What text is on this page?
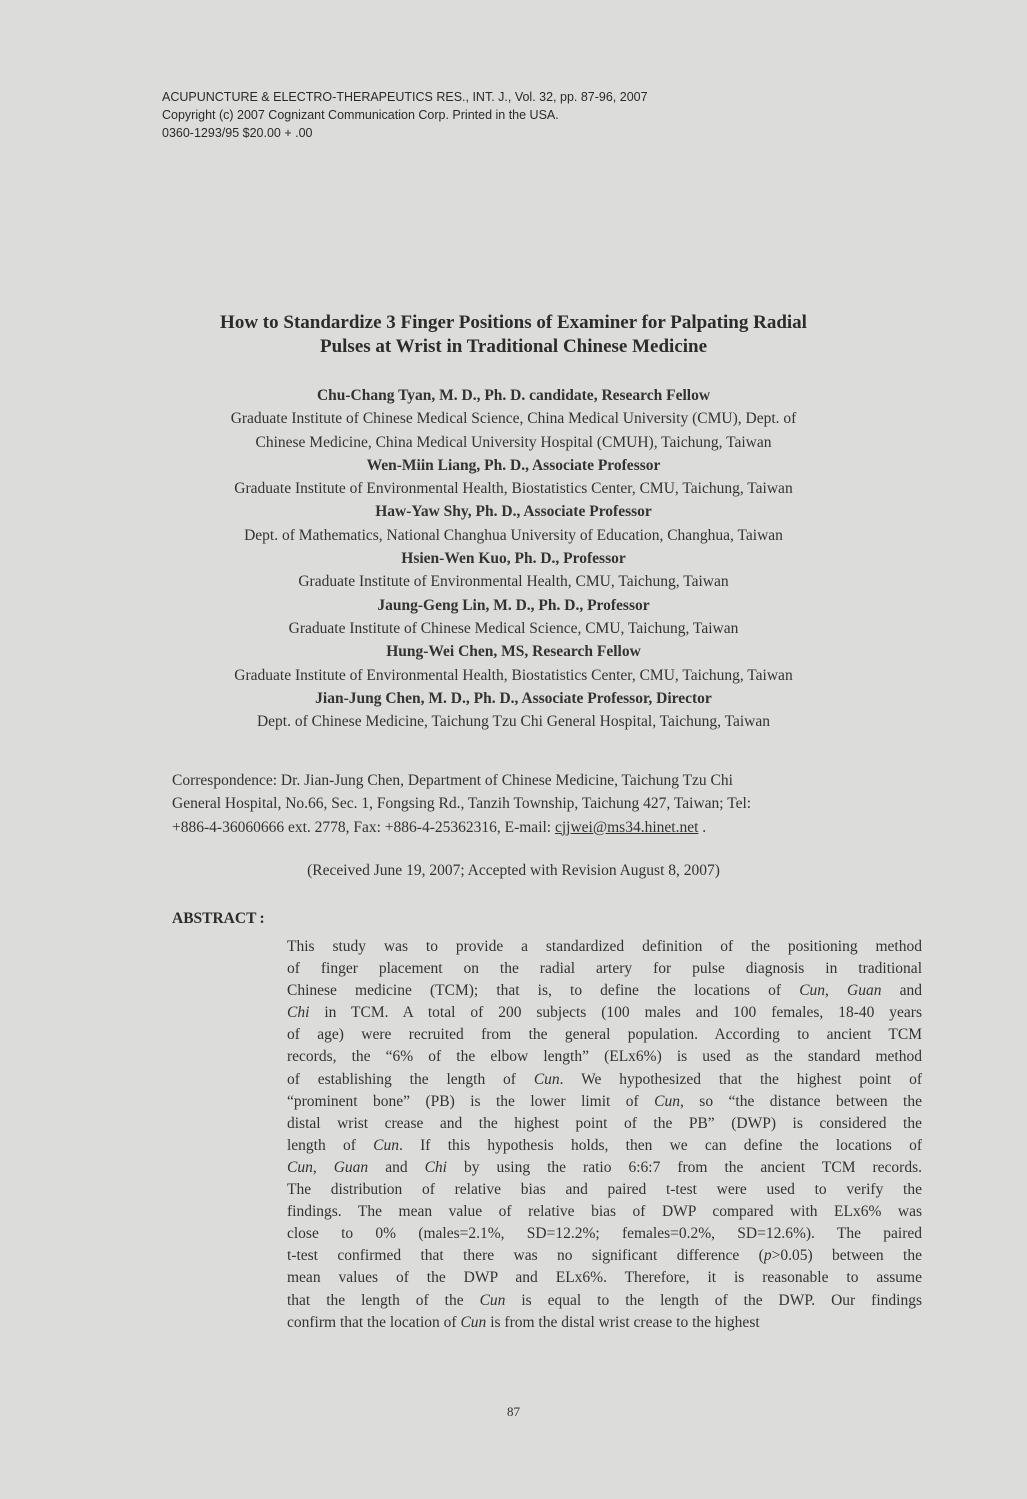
ACUPUNCTURE & ELECTRO-THERAPEUTICS RES., INT. J., Vol. 32, pp. 87-96, 2007
Copyright (c) 2007 Cognizant Communication Corp. Printed in the USA.
0360-1293/95 $20.00 + .00
How to Standardize 3 Finger Positions of Examiner for Palpating Radial
Pulses at Wrist in Traditional Chinese Medicine
Chu-Chang Tyan, M. D., Ph. D. candidate, Research Fellow
Graduate Institute of Chinese Medical Science, China Medical University (CMU), Dept. of
Chinese Medicine, China Medical University Hospital (CMUH), Taichung, Taiwan
Wen-Miin Liang, Ph. D., Associate Professor
Graduate Institute of Environmental Health, Biostatistics Center, CMU, Taichung, Taiwan
Haw-Yaw Shy, Ph. D., Associate Professor
Dept. of Mathematics, National Changhua University of Education, Changhua, Taiwan
Hsien-Wen Kuo, Ph. D., Professor
Graduate Institute of Environmental Health, CMU, Taichung, Taiwan
Jaung-Geng Lin, M. D., Ph. D., Professor
Graduate Institute of Chinese Medical Science, CMU, Taichung, Taiwan
Hung-Wei Chen, MS, Research Fellow
Graduate Institute of Environmental Health, Biostatistics Center, CMU, Taichung, Taiwan
Jian-Jung Chen, M. D., Ph. D., Associate Professor, Director
Dept. of Chinese Medicine, Taichung Tzu Chi General Hospital, Taichung, Taiwan
Correspondence: Dr. Jian-Jung Chen, Department of Chinese Medicine, Taichung Tzu Chi
General Hospital, No.66, Sec. 1, Fongsing Rd., Tanzih Township, Taichung 427, Taiwan; Tel:
+886-4-36060666 ext. 2778, Fax: +886-4-25362316, E-mail: cjjwei@ms34.hinet.net .
(Received June 19, 2007; Accepted with Revision August 8, 2007)
ABSTRACT :
This study was to provide a standardized definition of the positioning method
of finger placement on the radial artery for pulse diagnosis in traditional
Chinese medicine (TCM); that is, to define the locations of Cun, Guan and
Chi in TCM. A total of 200 subjects (100 males and 100 females, 18-40 years
of age) were recruited from the general population. According to ancient TCM
records, the “6% of the elbow length” (ELx6%) is used as the standard method
of establishing the length of Cun. We hypothesized that the highest point of
“prominent bone” (PB) is the lower limit of Cun, so “the distance between the
distal wrist crease and the highest point of the PB” (DWP) is considered the
length of Cun. If this hypothesis holds, then we can define the locations of
Cun, Guan and Chi by using the ratio 6:6:7 from the ancient TCM records.
The distribution of relative bias and paired t-test were used to verify the
findings. The mean value of relative bias of DWP compared with ELx6% was
close to 0% (males=2.1%, SD=12.2%; females=0.2%, SD=12.6%). The paired
t-test confirmed that there was no significant difference (p>0.05) between the
mean values of the DWP and ELx6%. Therefore, it is reasonable to assume
that the length of the Cun is equal to the length of the DWP. Our findings
confirm that the location of Cun is from the distal wrist crease to the highest
87
